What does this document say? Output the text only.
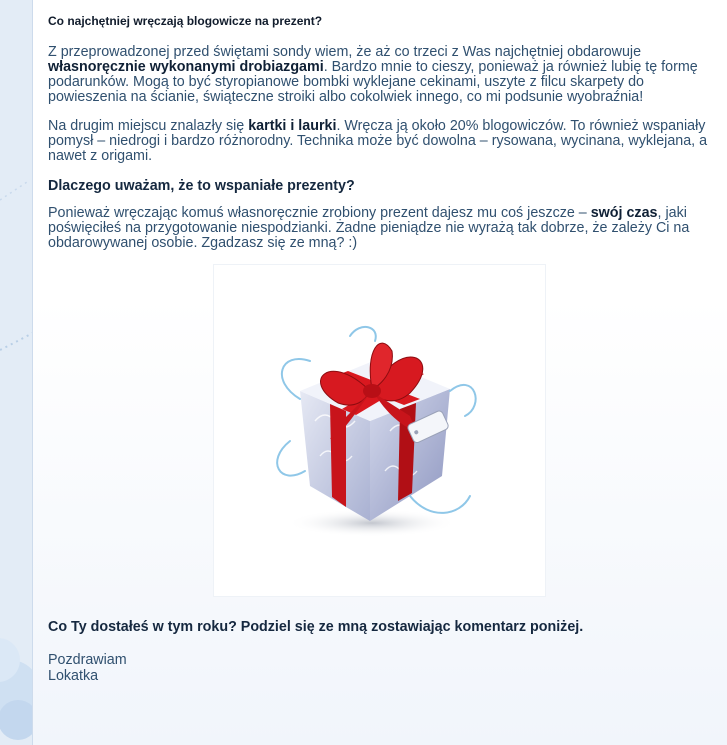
Co najchętniej wręczają blogowicze na prezent?

Z przeprowadzonej przed świętami sondy wiem, że aż co trzeci z Was najchętniej obdarowuje własnoręcznie wykonanymi drobiazgami. Bardzo mnie to cieszy, ponieważ ja również lubię tę formę podarunków. Mogą to być styropianowe bombki wyklejane cekinami, uszyte z filcu skarpety do powieszenia na ścianie, świąteczne stroiki albo cokolwiek innego, co mi podsunie wyobraźnia!

Na drugim miejscu znalazły się kartki i laurki. Wręcza ją około 20% blogowiczów. To również wspaniały pomysł – niedrogi i bardzo różnorodny. Technika może być dowolna – rysowana, wycinana, wyklejana, a nawet z origami.

Dlaczego uważam, że to wspaniałe prezenty?

Ponieważ wręczając komuś własnoręcznie zrobiony prezent dajesz mu coś jeszcze – swój czas, jaki poświęciłeś na przygotowanie niespodzianki. Żadne pieniądze nie wyrażą tak dobrze, że zależy Ci na obdarowywanej osobie. Zgadzasz się ze mną? :)

Co Ty dostałeś w tym roku? Podziel się ze mną zostawiając komentarz poniżej.
Pozdrawiam
Lokatka
